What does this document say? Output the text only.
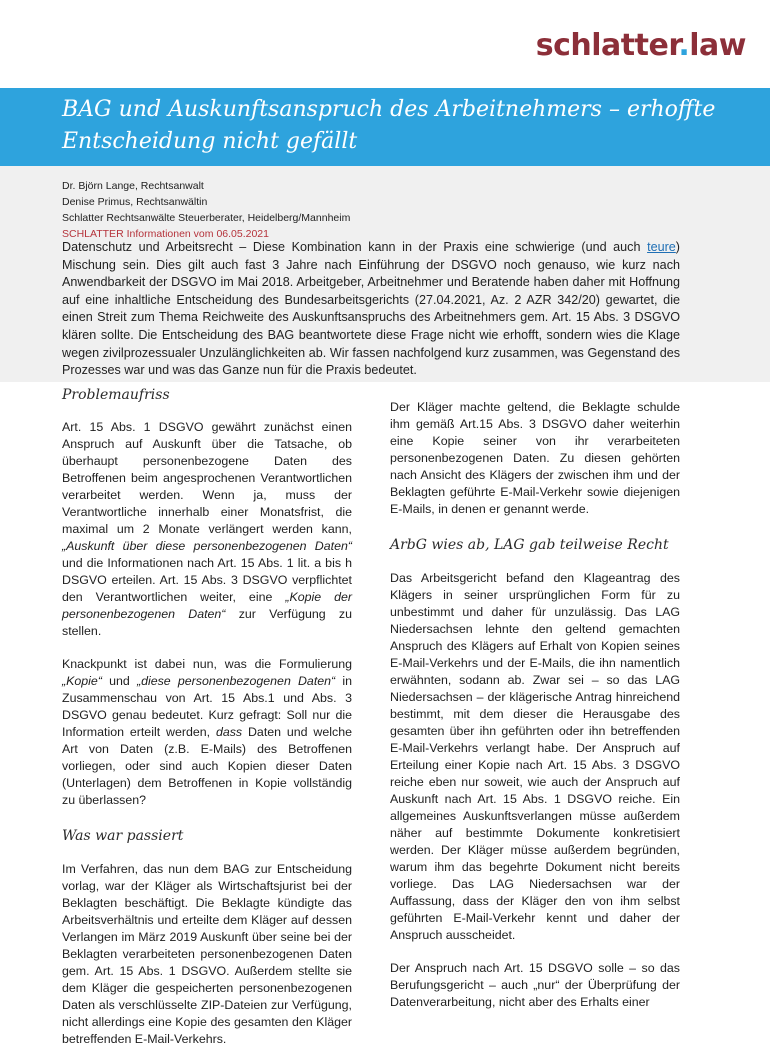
schlatter.law
BAG und Auskunftsanspruch des Arbeitnehmers – erhoffte Entscheidung nicht gefällt
Dr. Björn Lange, Rechtsanwalt
Denise Primus, Rechtsanwältin
Schlatter Rechtsanwälte Steuerberater, Heidelberg/Mannheim
SCHLATTER Informationen vom 06.05.2021

Datenschutz und Arbeitsrecht – Diese Kombination kann in der Praxis eine schwierige (und auch teure) Mischung sein. Dies gilt auch fast 3 Jahre nach Einführung der DSGVO noch genauso, wie kurz nach Anwendbarkeit der DSGVO im Mai 2018. Arbeitgeber, Arbeitnehmer und Beratende haben daher mit Hoffnung auf eine inhaltliche Entscheidung des Bundesarbeitsgerichts (27.04.2021, Az. 2 AZR 342/20) gewartet, die einen Streit zum Thema Reichweite des Auskunftsanspruchs des Arbeitnehmers gem. Art. 15 Abs. 3 DSGVO klären sollte. Die Entscheidung des BAG beantwortete diese Frage nicht wie erhofft, sondern wies die Klage wegen zivilprozessualer Unzulänglichkeiten ab. Wir fassen nachfolgend kurz zusammen, was Gegenstand des Prozesses war und was das Ganze nun für die Praxis bedeutet.

Problemaufriss

Art. 15 Abs. 1 DSGVO gewährt zunächst einen Anspruch auf Auskunft über die Tatsache, ob überhaupt personenbezogene Daten des Betroffenen beim angesprochenen Verantwortlichen verarbeitet werden. Wenn ja, muss der Verantwortliche innerhalb einer Monatsfrist, die maximal um 2 Monate verlängert werden kann, „Auskunft über diese personenbezogenen Daten“ und die Informationen nach Art. 15 Abs. 1 lit. a bis h DSGVO erteilen. Art. 15 Abs. 3 DSGVO verpflichtet den Verantwortlichen weiter, eine „Kopie der personenbezogenen Daten“ zur Verfügung zu stellen.

Knackpunkt ist dabei nun, was die Formulierung „Kopie“ und „diese personenbezogenen Daten“ in Zusammenschau von Art. 15 Abs.1 und Abs. 3 DSGVO genau bedeutet. Kurz gefragt: Soll nur die Information erteilt werden, dass Daten und welche Art von Daten (z.B. E-Mails) des Betroffenen vorliegen, oder sind auch Kopien dieser Daten (Unterlagen) dem Betroffenen in Kopie vollständig zu überlassen?

Was war passiert

Im Verfahren, das nun dem BAG zur Entscheidung vorlag, war der Kläger als Wirtschaftsjurist bei der Beklagten beschäftigt. Die Beklagte kündigte das Arbeitsverhältnis und erteilte dem Kläger auf dessen Verlangen im März 2019 Auskunft über seine bei der Beklagten verarbeiteten personenbezogenen Daten gem. Art. 15 Abs. 1 DSGVO. Außerdem stellte sie dem Kläger die gespeicherten personenbezogenen Daten als verschlüsselte ZIP-Dateien zur Verfügung, nicht allerdings eine Kopie des gesamten den Kläger betreffenden E-Mail-Verkehrs.

Der Kläger machte geltend, die Beklagte schulde ihm gemäß Art.15 Abs. 3 DSGVO daher weiterhin eine Kopie seiner von ihr verarbeiteten personenbezogenen Daten. Zu diesen gehörten nach Ansicht des Klägers der zwischen ihm und der Beklagten geführte E-Mail-Verkehr sowie diejenigen E-Mails, in denen er genannt werde.

ArbG wies ab, LAG gab teilweise Recht

Das Arbeitsgericht befand den Klageantrag des Klägers in seiner ursprünglichen Form für zu unbestimmt und daher für unzulässig. Das LAG Niedersachsen lehnte den geltend gemachten Anspruch des Klägers auf Erhalt von Kopien seines E-Mail-Verkehrs und der E-Mails, die ihn namentlich erwähnten, sodann ab. Zwar sei – so das LAG Niedersachsen – der klägerische Antrag hinreichend bestimmt, mit dem dieser die Herausgabe des gesamten über ihn geführten oder ihn betreffenden E-Mail-Verkehrs verlangt habe. Der Anspruch auf Erteilung einer Kopie nach Art. 15 Abs. 3 DSGVO reiche eben nur soweit, wie auch der Anspruch auf Auskunft nach Art. 15 Abs. 1 DSGVO reiche. Ein allgemeines Auskunftsverlangen müsse außerdem näher auf bestimmte Dokumente konkretisiert werden. Der Kläger müsse außerdem begründen, warum ihm das begehrte Dokument nicht bereits vorliege. Das LAG Niedersachsen war der Auffassung, dass der Kläger den von ihm selbst geführten E-Mail-Verkehr kennt und daher der Anspruch ausscheidet.

Der Anspruch nach Art. 15 DSGVO solle – so das Berufungsgericht – auch „nur“ der Überprüfung der Datenverarbeitung, nicht aber des Erhalts einer
